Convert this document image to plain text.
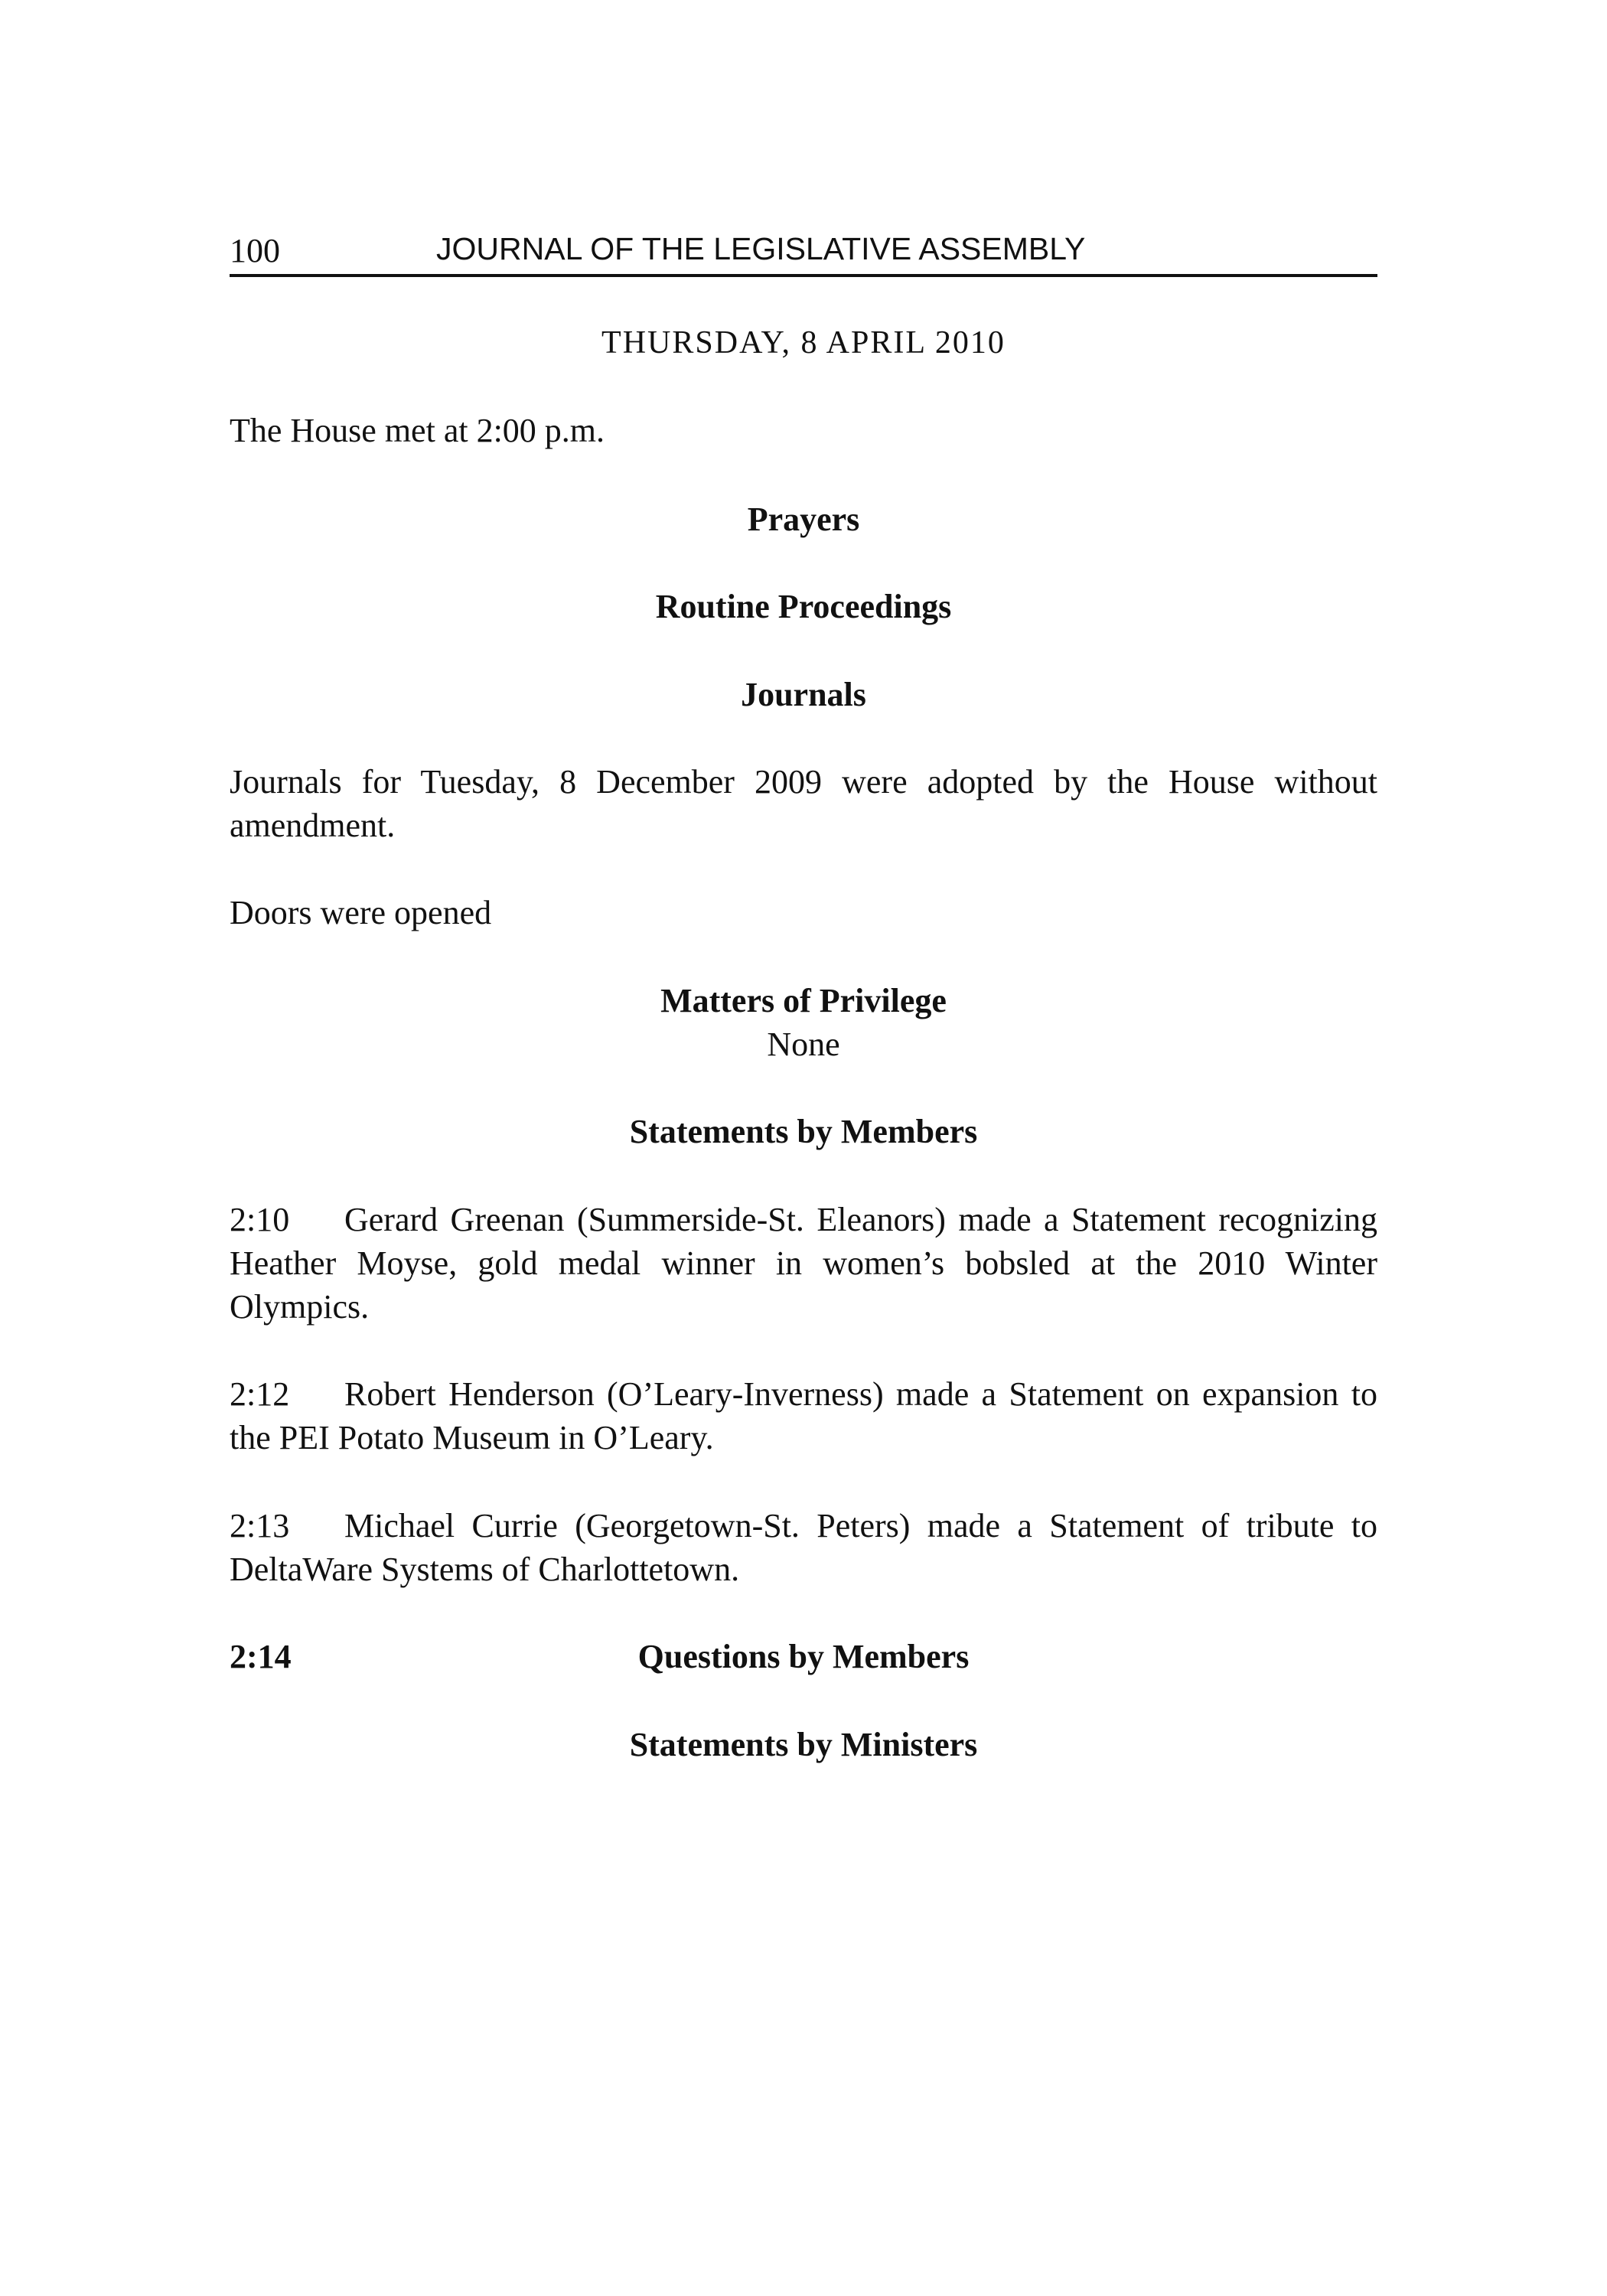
100	JOURNAL OF THE LEGISLATIVE ASSEMBLY
THURSDAY, 8 APRIL 2010
The House met at 2:00 p.m.
Prayers
Routine Proceedings
Journals
Journals for Tuesday, 8 December 2009 were adopted by the House without amendment.
Doors were opened
Matters of Privilege
None
Statements by Members
2:10 Gerard Greenan (Summerside-St. Eleanors) made a Statement recognizing Heather Moyse, gold medal winner in women’s bobsled at the 2010 Winter Olympics.
2:12 Robert Henderson (O’Leary-Inverness) made a Statement on expansion to the PEI Potato Museum in O’Leary.
2:13 Michael Currie (Georgetown-St. Peters) made a Statement of tribute to DeltaWare Systems of Charlottetown.
2:14	Questions by Members
Statements by Ministers
